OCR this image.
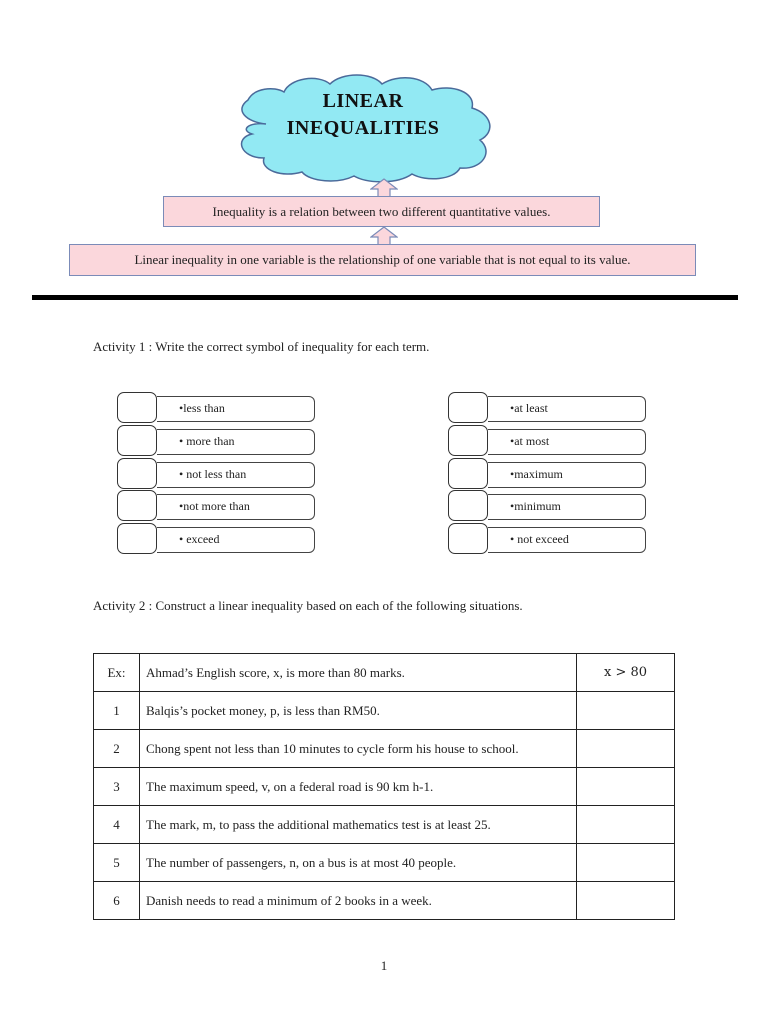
LINEAR
INEQUALITIES
Inequality is a relation between two different quantitative values.
Linear inequality in one variable is the relationship of one variable that is not equal to its value.
Activity 1 : Write the correct symbol of inequality for each term.
•less than
• more than
• not less than
•not more than
• exceed
•at least
•at most
•maximum
•minimum
• not exceed
Activity 2 : Construct a linear inequality based on each of the following situations.
Ex:	Ahmad’s English score, x, is more than 80 marks.	x > 80
1	Balqis’s pocket money, p, is less than RM50.	
2	Chong spent not less than 10 minutes to cycle form his house to school.	
3	The maximum speed, v, on a federal road is 90 km h-1.	
4	The mark, m, to pass the additional mathematics test is at least 25.	
5	The number of passengers, n, on a bus is at most 40 people.	
6	Danish needs to read a minimum of 2 books in a week.	
1
